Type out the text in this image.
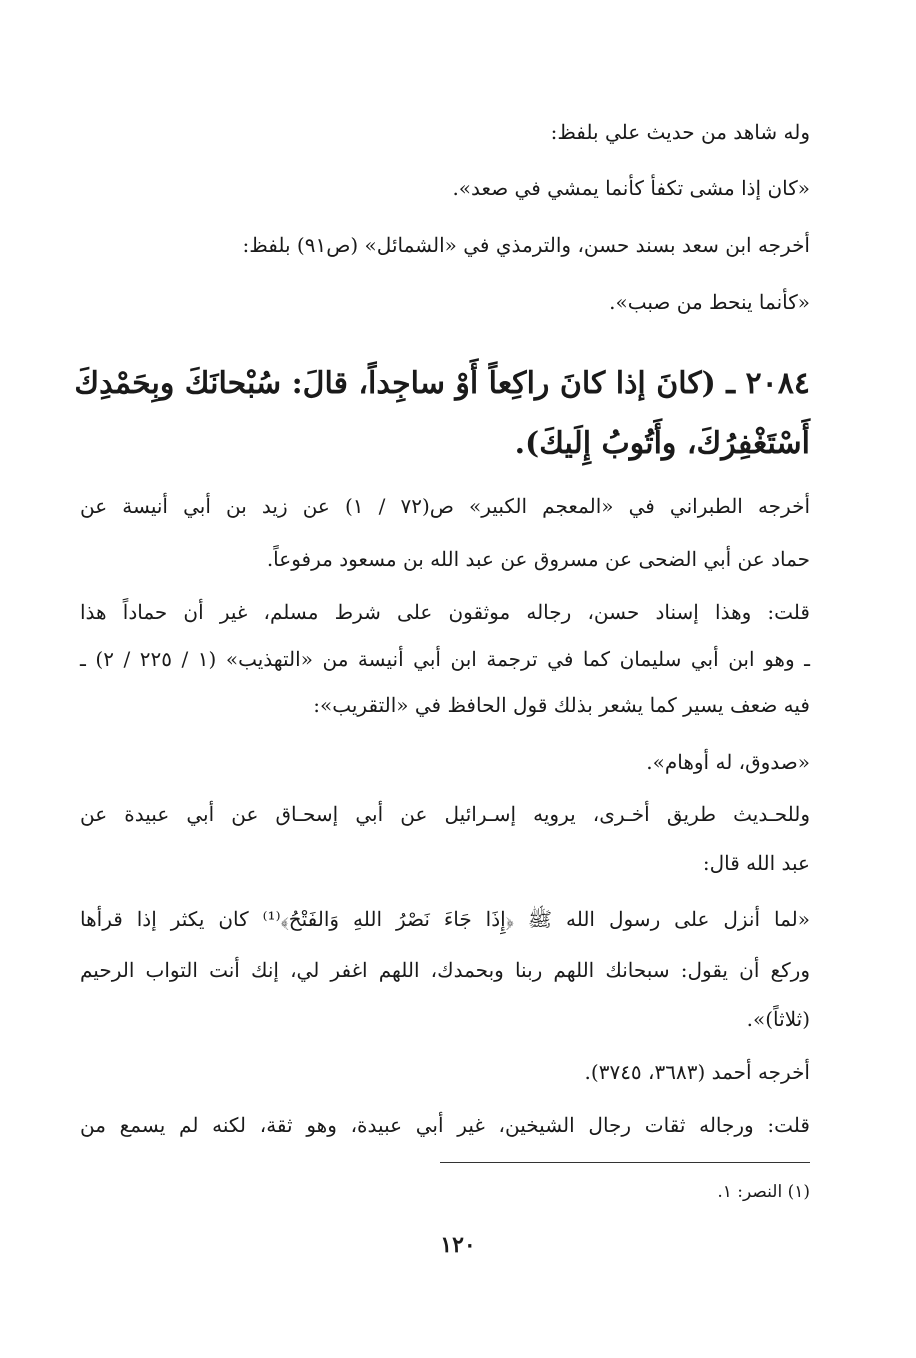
وله شاهد من حديث علي بلفظ:
«كان إذا مشى تكفأ كأنما يمشي في صعد».
أخرجه ابن سعد بسند حسن، والترمذي في «الشمائل» (ص٩١) بلفظ:
«كأنما ينحط من صبب».
٢٠٨٤ ـ (كانَ إذا كانَ راكِعاً أَوْ ساجِداً، قالَ: سُبْحانَكَ وبِحَمْدِكَ
أَسْتَغْفِرُكَ، وأَتُوبُ إِلَيكَ).
أخرجه الطبراني في «المعجم الكبير» ص(٧٢ / ١) عن زيد بن أبي أنيسة عن
حماد عن أبي الضحى عن مسروق عن عبد الله بن مسعود مرفوعاً.
قلت: وهذا إسناد حسن، رجاله موثقون على شرط مسلم، غير أن حماداً هذا
ـ وهو ابن أبي سليمان كما في ترجمة ابن أبي أنيسة من «التهذيب» (١ / ٢٢٥ / ٢) ـ
فيه ضعف يسير كما يشعر بذلك قول الحافظ في «التقريب»:
«صدوق، له أوهام».
وللحـديث طريق أخـرى، يرويه إسـرائيل عن أبي إسحـاق عن أبي عبيدة عن
عبد الله قال:
«لما أنزل على رسول الله ﷺ ﴿إِذَا جَاءَ نَصْرُ اللهِ وَالفَتْحُ﴾⁽¹⁾ كان يكثر إذا قرأها
وركع أن يقول: سبحانك اللهم ربنا وبحمدك، اللهم اغفر لي، إنك أنت التواب الرحيم
(ثلاثاً)».
أخرجه أحمد (٣٦٨٣، ٣٧٤٥).
قلت: ورجاله ثقات رجال الشيخين، غير أبي عبيدة، وهو ثقة، لكنه لم يسمع من
(١) النصر: ١.
١٢٠
